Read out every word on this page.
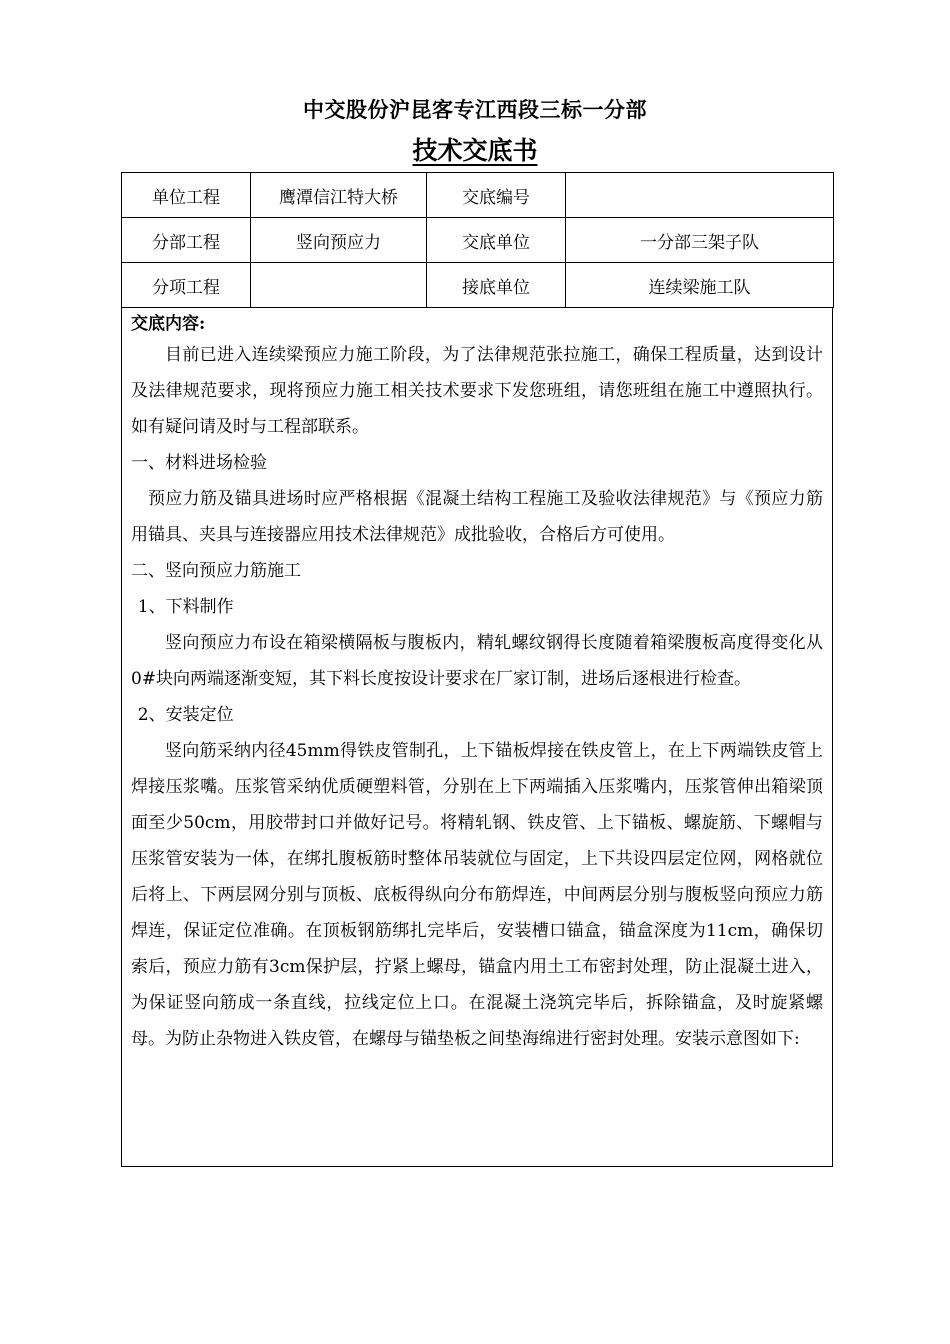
中交股份沪昆客专江西段三标一分部
技术交底书
单位工程	鹰潭信江特大桥	交底编号	
分部工程	竖向预应力	交底单位	一分部三架子队
分项工程		接底单位	连续梁施工队

交底内容:

目前已进入连续梁预应力施工阶段，为了法律规范张拉施工，确保工程质量，达到设计及法律规范要求，现将预应力施工相关技术要求下发您班组，请您班组在施工中遵照执行。如有疑问请及时与工程部联系。

一、材料进场检验

预应力筋及锚具进场时应严格根据《混凝土结构工程施工及验收法律规范》与《预应力筋用锚具、夹具与连接器应用技术法律规范》成批验收，合格后方可使用。

二、竖向预应力筋施工

1、下料制作

竖向预应力布设在箱梁横隔板与腹板内，精轧螺纹钢得长度随着箱梁腹板高度得变化从0#块向两端逐渐变短，其下料长度按设计要求在厂家订制，进场后逐根进行检查。

2、安装定位

竖向筋采纳内径45mm得铁皮管制孔，上下锚板焊接在铁皮管上，在上下两端铁皮管上焊接压浆嘴。压浆管采纳优质硬塑料管，分别在上下两端插入压浆嘴内，压浆管伸出箱梁顶面至少50cm，用胶带封口并做好记号。将精轧钢、铁皮管、上下锚板、螺旋筋、下螺帽与压浆管安装为一体，在绑扎腹板筋时整体吊装就位与固定，上下共设四层定位网，网格就位后将上、下两层网分别与顶板、底板得纵向分布筋焊连，中间两层分别与腹板竖向预应力筋焊连，保证定位准确。在顶板钢筋绑扎完毕后，安装槽口锚盒，锚盒深度为11cm，确保切索后，预应力筋有3cm保护层，拧紧上螺母，锚盒内用土工布密封处理，防止混凝土进入，为保证竖向筋成一条直线，拉线定位上口。在混凝土浇筑完毕后，拆除锚盒，及时旋紧螺母。为防止杂物进入铁皮管，在螺母与锚垫板之间垫海绵进行密封处理。安装示意图如下:
